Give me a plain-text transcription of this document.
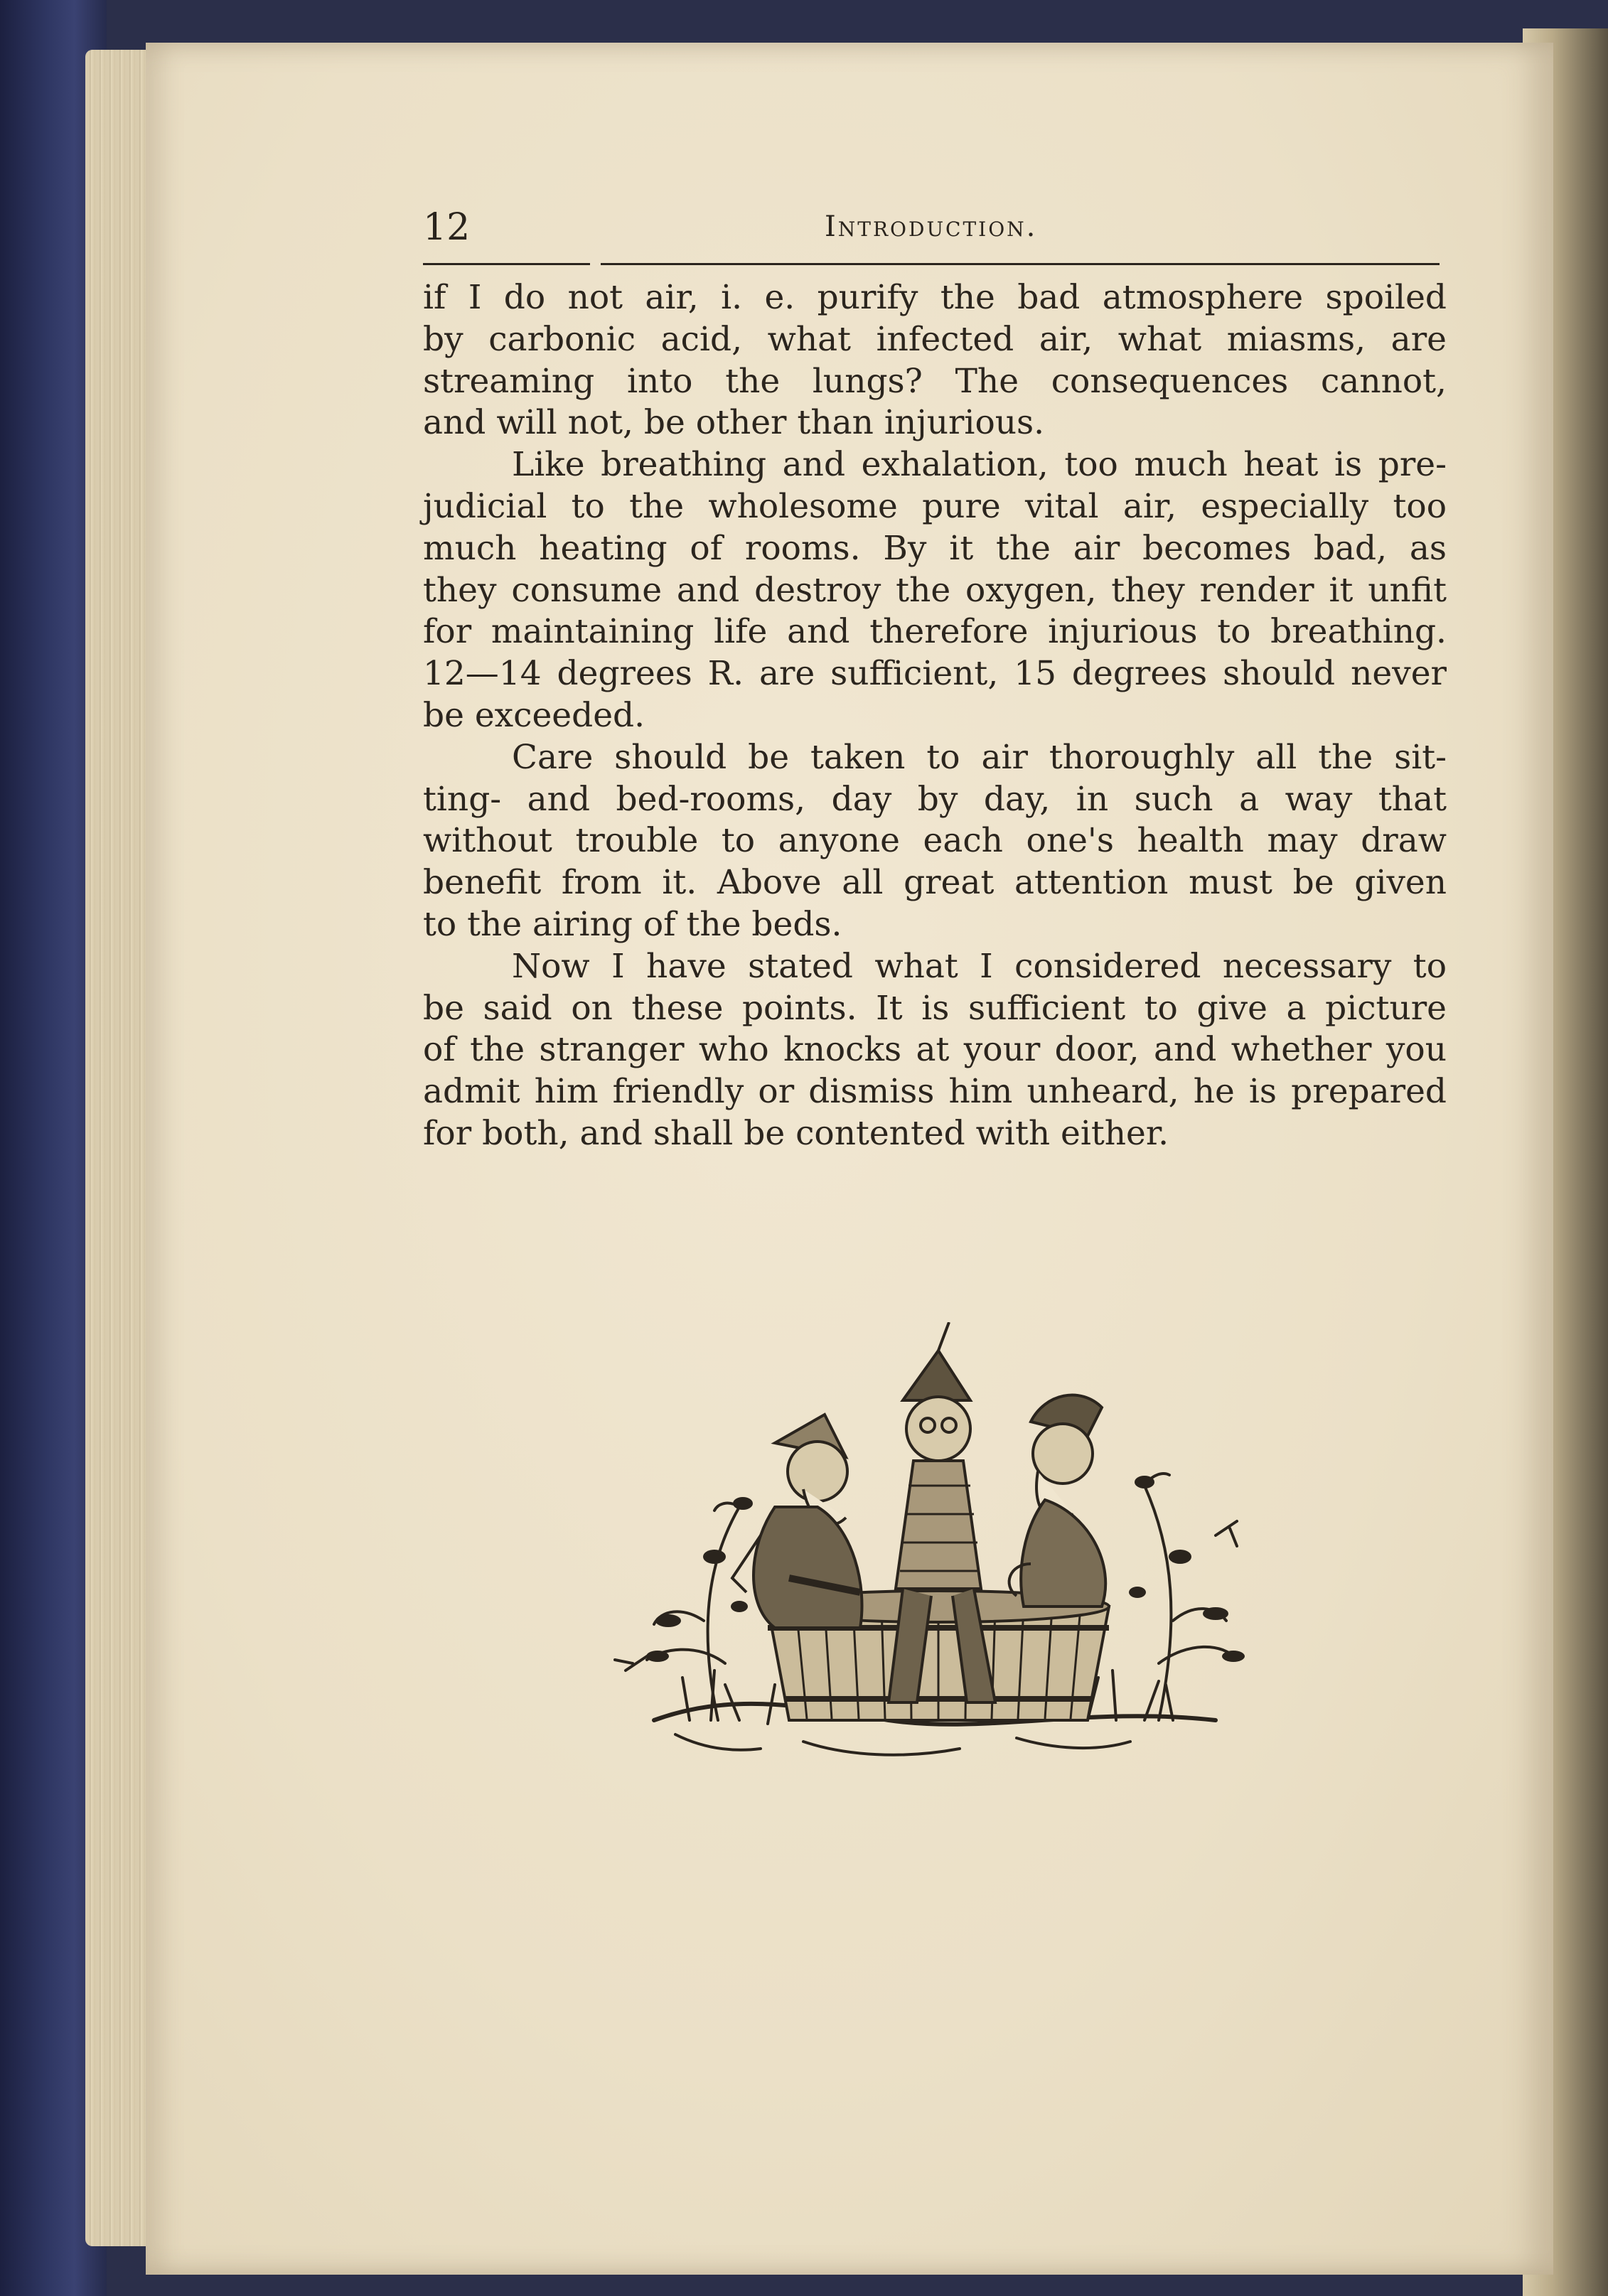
12	Introduction.
if I do not air, i. e. purify the bad atmosphere spoiled
by carbonic acid, what infected air, what miasms, are
streaming into the lungs? The consequences cannot,
and will not, be other than injurious.
Like breathing and exhalation, too much heat is pre-
judicial to the wholesome pure vital air, especially too
much heating of rooms. By it the air becomes bad, as
they consume and destroy the oxygen, they render it unfit
for maintaining life and therefore injurious to breathing.
12—14 degrees R. are sufficient, 15 degrees should never
be exceeded.
Care should be taken to air thoroughly all the sit-
ting- and bed-rooms, day by day, in such a way that
without trouble to anyone each one's health may draw
benefit from it. Above all great attention must be given
to the airing of the beds.
Now I have stated what I considered necessary to
be said on these points. It is sufficient to give a picture
of the stranger who knocks at your door, and whether you
admit him friendly or dismiss him unheard, he is prepared
for both, and shall be contented with either.
